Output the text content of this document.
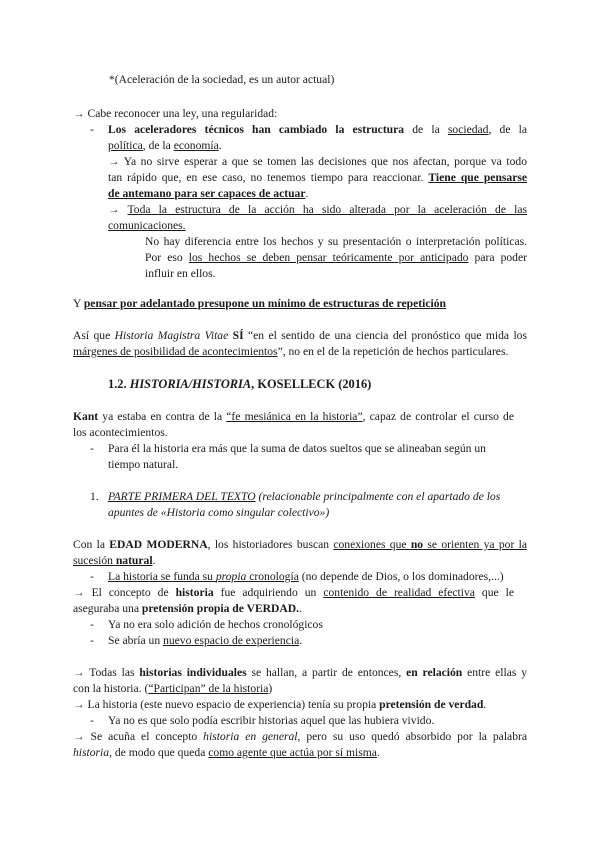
*(Aceleración de la sociedad, es un autor actual)
→ Cabe reconocer una ley, una regularidad:
- Los aceleradores técnicos han cambiado la estructura de la sociedad, de la
política, de la economía.
→ Ya no sirve esperar a que se tomen las decisiones que nos afectan, porque va todo
tan rápido que, en ese caso, no tenemos tiempo para reaccionar. Tiene que pensarse
de antemano para ser capaces de actuar.
→ Toda la estructura de la acción ha sido alterada por la aceleración de las
comunicaciones.
No hay diferencia entre los hechos y su presentación o interpretación políticas.
Por eso los hechos se deben pensar teóricamente por anticipado para poder
influir en ellos.
Y pensar por adelantado presupone un mínimo de estructuras de repetición
Así que Historia Magistra Vitae SÍ “en el sentido de una ciencia del pronóstico que mida los
márgenes de posibilidad de acontecimientos”, no en el de la repetición de hechos particulares.
1.2. HISTORIA/HISTORIA, KOSELLECK (2016)
Kant ya estaba en contra de la “fe mesiánica en la historia”, capaz de controlar el curso de
los acontecimientos.
- Para él la historia era más que la suma de datos sueltos que se alineaban según un
tiempo natural.
1. PARTE PRIMERA DEL TEXTO (relacionable principalmente con el apartado de los
apuntes de «Historia como singular colectivo»)
Con la EDAD MODERNA, los historiadores buscan conexiones que no se orienten ya por la
sucesión natural.
- La historia se funda su propia cronología (no depende de Dios, o los dominadores,...)
→ El concepto de historia fue adquiriendo un contenido de realidad efectiva que le
aseguraba una pretensión propia de VERDAD..
- Ya no era solo adición de hechos cronológicos
- Se abría un nuevo espacio de experiencia.
→ Todas las historias individuales se hallan, a partir de entonces, en relación entre ellas y
con la historia. (“Participan” de la historia)
→ La historia (este nuevo espacio de experiencia) tenía su propia pretensión de verdad.
- Ya no es que solo podía escribir historias aquel que las hubiera vivido.
→ Se acuña el concepto historia en general, pero su uso quedó absorbido por la palabra
historia, de modo que queda como agente que actúa por sí misma.
